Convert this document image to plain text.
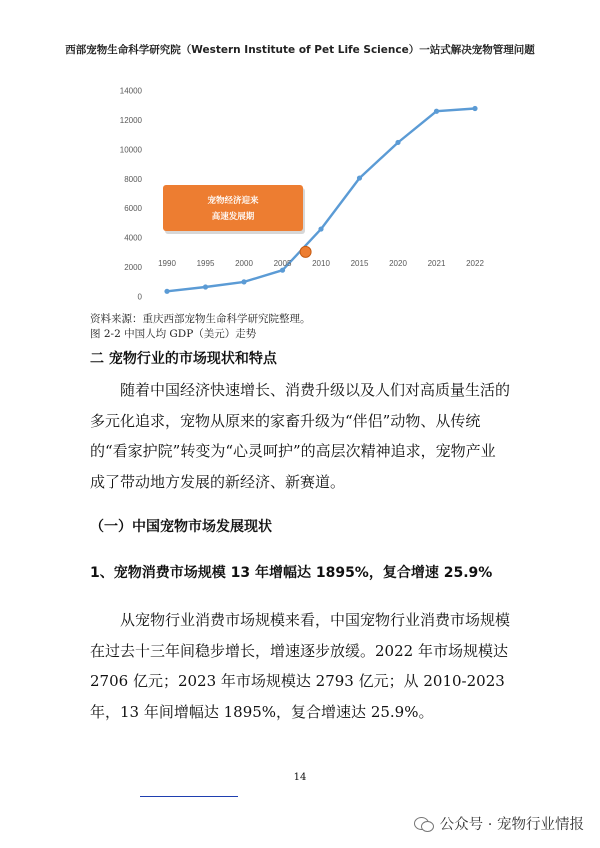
西部宠物生命科学研究院（Western Institute of Pet Life Science）一站式解决宠物管理问题
0
2000
4000
6000
8000
10000
12000
14000
1990	1995	2000	2005	2010	2015	2020	2021	2022
宠物经济迎来
高速发展期
资料来源：重庆西部宠物生命科学研究院整理。
图 2-2 中国人均 GDP（美元）走势
二 宠物行业的市场现状和特点
随着中国经济快速增长、消费升级以及人们对高质量生活的多元化追求，宠物从原来的家畜升级为“伴侣”动物、从传统的“看家护院”转变为“心灵呵护”的高层次精神追求，宠物产业成了带动地方发展的新经济、新赛道。
（一）中国宠物市场发展现状
1、宠物消费市场规模 13 年增幅达 1895%，复合增速 25.9%
从宠物行业消费市场规模来看，中国宠物行业消费市场规模在过去十三年间稳步增长，增速逐步放缓。2022 年市场规模达 2706 亿元；2023 年市场规模达 2793 亿元；从 2010-2023 年，13 年间增幅达 1895%，复合增速达 25.9%。
14
公众号 · 宠物行业情报
